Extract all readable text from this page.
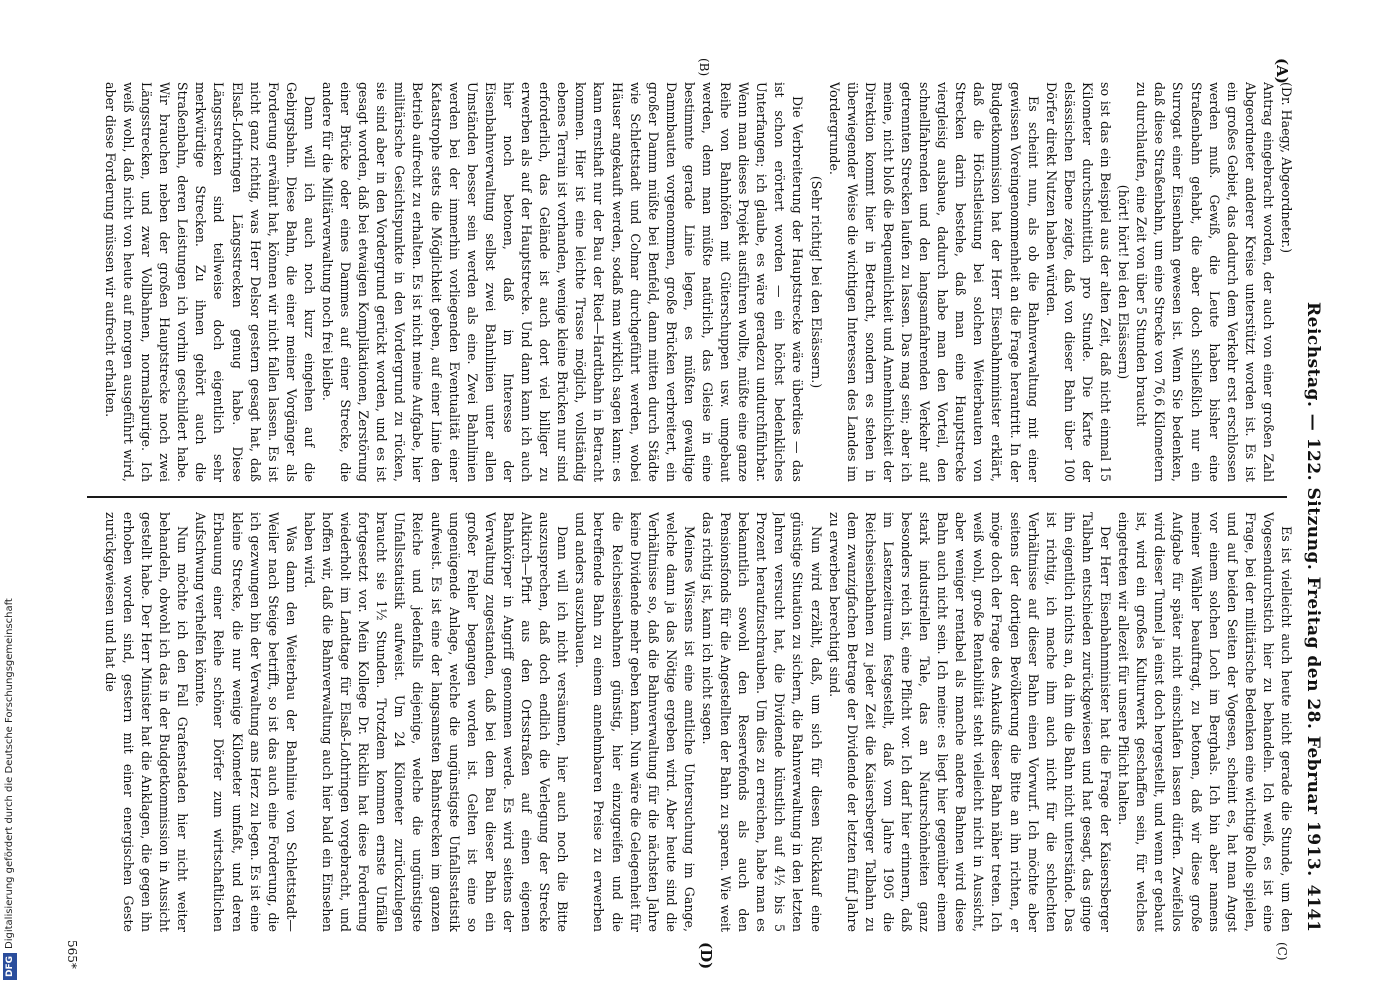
Reichstag. — 122. Sitzung. Freitag den 28. Februar 1913.
4141
(A)
(B)
(C)
(D)

(Dr. Haegy, Abgeordneter.)

Antrag eingebracht worden, der auch von einer großen Zahl Abgeordneter anderer Kreise unterstützt worden ist. Es ist ein großes Gebiet, das dadurch dem Verkehr erst erschlossen werden muß. Gewiß, die Leute haben bisher eine Straßenbahn gehabt, die aber doch schließlich nur ein Surrogat einer Eisenbahn gewesen ist. Wenn Sie bedenken, daß diese Straßenbahn, um eine Strecke von 76,6 Kilometern zu durchlaufen, eine Zeit von über 5 Stunden braucht

(hört! hört! bei den Elsässern)

so ist das ein Beispiel aus der alten Zeit, daß nicht einmal 15 Kilometer durchschnittlich pro Stunde. Die Karte der elsässischen Ebene zeigte, daß von dieser Bahn über 100 Dörfer direkt Nutzen haben würden.

Es scheint nun, als ob die Bahnverwaltung mit einer gewissen Voreingenommenheit an die Frage herantritt. In der Budgetkommission hat der Herr Eisenbahnminister erklärt, daß die Höchstleistung bei solchen Weiterbauten von Strecken darin bestehe, daß man eine Hauptstrecke viergleisig ausbaue, dadurch habe man den Vorteil, den schnellfahrenden und den langsamfahrenden Verkehr auf getrennten Strecken laufen zu lassen. Das mag sein; aber ich meine, nicht bloß die Bequemlichkeit und Annehmlichkeit der Direktion kommt hier in Betracht, sondern es stehen in überwiegender Weise die wichtigen Interessen des Landes im Vordergrunde.

(Sehr richtig! bei den Elsässern.)

Die Verbreiterung der Hauptstrecke wäre überdies — das ist schon erörtert worden — ein höchst bedenkliches Unterfangen; ich glaube, es wäre geradezu undurchführbar. Wenn man dieses Projekt ausführen wollte, müßte eine ganze Reihe von Bahnhöfen mit Güterschuppen usw. umgebaut werden, denn man müßte natürlich, das Gleise in eine bestimmte gerade Linie legen, es müßten gewaltige Dammbauten vorgenommen, große Brücken verbreitert, ein großer Damm müßte bei Benfeld, dann mitten durch Städte wie Schlettstadt und Colmar durchgeführt werden, wobei Häuser angekauft werden, sodaß man wirklich sagen kann: es kann ernsthaft nur der Bau der Ried—Hardtbahn in Betracht kommen. Hier ist eine leichte Trasse möglich, vollständig ebenes Terrain ist vorhanden, wenige kleine Brücken nur sind erforderlich, das Gelände ist auch dort viel billiger zu erwerben als auf der Hauptstrecke. Und dann kann ich auch hier noch betonen, daß im Interesse der Eisenbahnverwaltung selbst zwei Bahnlinien unter allen Umständen besser sein werden als eine. Zwei Bahnlinien werden bei der immerhin vorliegenden Eventualität einer Katastrophe stets die Möglichkeit geben, auf einer Linie den Betrieb aufrecht zu erhalten. Es ist nicht meine Aufgabe, hier militärische Gesichtspunkte in den Vordergrund zu rücken, sie sind aber in den Vordergrund gerückt worden, und es ist gesagt worden, daß bei etwaigen Komplikationen, Zerstörung einer Brücke oder eines Dammes auf einer Strecke, die andere für die Militärverwaltung noch frei bleibe.

Dann will ich auch noch kurz eingehen auf die Gebirgsbahn. Diese Bahn, die einer meiner Vorgänger als Forderung erwähnt hat, können wir nicht fallen lassen. Es ist nicht ganz richtig, was Herr Delsor gestern gesagt hat, daß Elsaß-Lothringen Längsstrecken genug habe. Diese Längsstrecken sind teilweise doch eigentlich sehr merkwürdige Strecken. Zu ihnen gehört auch die Straßenbahn, deren Leistungen ich vorhin geschildert habe. Wir brauchen neben der großen Hauptstrecke noch zwei Längsstrecken, und zwar Vollbahnen, normalspurige. Ich weiß wohl, daß nicht von heute auf morgen ausgeführt wird, aber diese Forderung müssen wir aufrecht erhalten.

Es ist vielleicht auch heute nicht gerade die Stunde, um den Vogesendurchstich hier zu behandeln. Ich weiß, es ist eine Frage, bei der militärische Bedenken eine wichtige Rolle spielen, und auf beiden Seiten der Vogesen, scheint es, hat man Angst vor einem solchen Loch im Berghals. Ich bin aber namens meiner Wähler beauftragt, zu betonen, daß wir diese große Aufgabe für später nicht einschlafen lassen dürfen. Zweifellos wird dieser Tunnel ja einst doch hergestellt, und wenn er gebaut ist, wird ein großes Kulturwerk geschaffen sein, für welches eingetreten wir allezeit für unsere Pflicht halten.

Der Herr Eisenbahnminister hat die Frage der Kaisersberger Talbahn entschieden zurückgewiesen und hat gesagt, das ginge ihn eigentlich nichts an, da ihm die Bahn nicht unterstände. Das ist richtig, ich mache ihm auch nicht für die schlechten Verhältnisse auf dieser Bahn einen Vorwurf. Ich möchte aber seitens der dortigen Bevölkerung die Bitte an ihn richten, er möge doch der Frage des Ankaufs dieser Bahn näher treten. Ich weiß wohl, große Rentabilität steht vielleicht nicht in Aussicht, aber weniger rentabel als manche andere Bahnen wird diese Bahn auch nicht sein. Ich meine: es liegt hier gegenüber einem stark industriellen Tale, das an Naturschönheiten ganz besonders reich ist, eine Pflicht vor. Ich darf hier erinnern, daß im Lastenzeitraum festgestellt, daß vom Jahre 1905 die Reichseisenbahnen zu jeder Zeit die Kaisersberger Talbahn zu dem zwanzigfachen Betrage der Dividende der letzten fünf Jahre zu erwerben berechtigt sind.

Nun wird erzählt, daß, um sich für diesen Rückkauf eine günstige Situation zu sichern, die Bahnverwaltung in den letzten Jahren versucht hat, die Dividende künstlich auf 4½ bis 5 Prozent heraufzuschrauben. Um dies zu erreichen, habe man es bekanntlich sowohl den Reservefonds als auch den Pensionsfonds für die Angestellten der Bahn zu sparen. Wie weit das richtig ist, kann ich nicht sagen.

Meines Wissens ist eine amtliche Untersuchung im Gange, welche dann ja das Nötige ergeben wird. Aber heute sind die Verhältnisse so, daß die Bahnverwaltung für die nächsten Jahre keine Dividende mehr geben kann. Nun wäre die Gelegenheit für die Reichseisenbahnen günstig, hier einzugreifen und die betreffende Bahn zu einem annehmbaren Preise zu erwerben und anders auszubauen.

Dann will ich nicht versäumen, hier auch noch die Bitte auszusprechen, daß doch endlich die Verlegung der Strecke Altkirch—Pfirt aus den Ortsstraßen auf einen eigenen Bahnkörper in Angriff genommen werde. Es wird seitens der Verwaltung zugestanden, daß bei dem Bau dieser Bahn ein großer Fehler begangen worden ist. Gelten ist eine so ungenügende Anlage, welche die ungünstigste Unfallsstatistik aufweist. Es ist eine der langsamsten Bahnstrecken im ganzen Reiche und jedenfalls diejenige, welche die ungünstigste Unfallsstatistik aufweist. Um 24 Kilometer zurückzulegen braucht sie 1½ Stunden. Trotzdem kommen ernste Unfälle fortgesetzt vor. Mein Kollege Dr. Ricklin hat diese Forderung wiederholt im Landtage für Elsaß-Lothringen vorgebracht, und hoffen wir, daß die Bahnverwaltung auch hier bald ein Einsehen haben wird.

Was dann den Weiterbau der Bahnlinie von Schlettstadt—Weiler nach Steige betrifft, so ist das auch eine Forderung, die ich gezwungen bin der Verwaltung ans Herz zu legen. Es ist eine kleine Strecke, die nur wenige Kilometer umfaßt, und deren Erbauung einer Reihe schöner Dörfer zum wirtschaftlichen Aufschwung verhelfen könnte.

Nun möchte ich den Fall Grafenstaden hier nicht weiter behandeln, obwohl ich das in der Budgetkommission in Aussicht gestellt habe. Der Herr Minister hat die Anklagen, die gegen ihn erhoben worden sind, gestern mit einer energischen Geste zurückgewiesen und hat die

565*
DFGDigitalisierung gefördert durch die Deutsche Forschungsgemeinschaft
